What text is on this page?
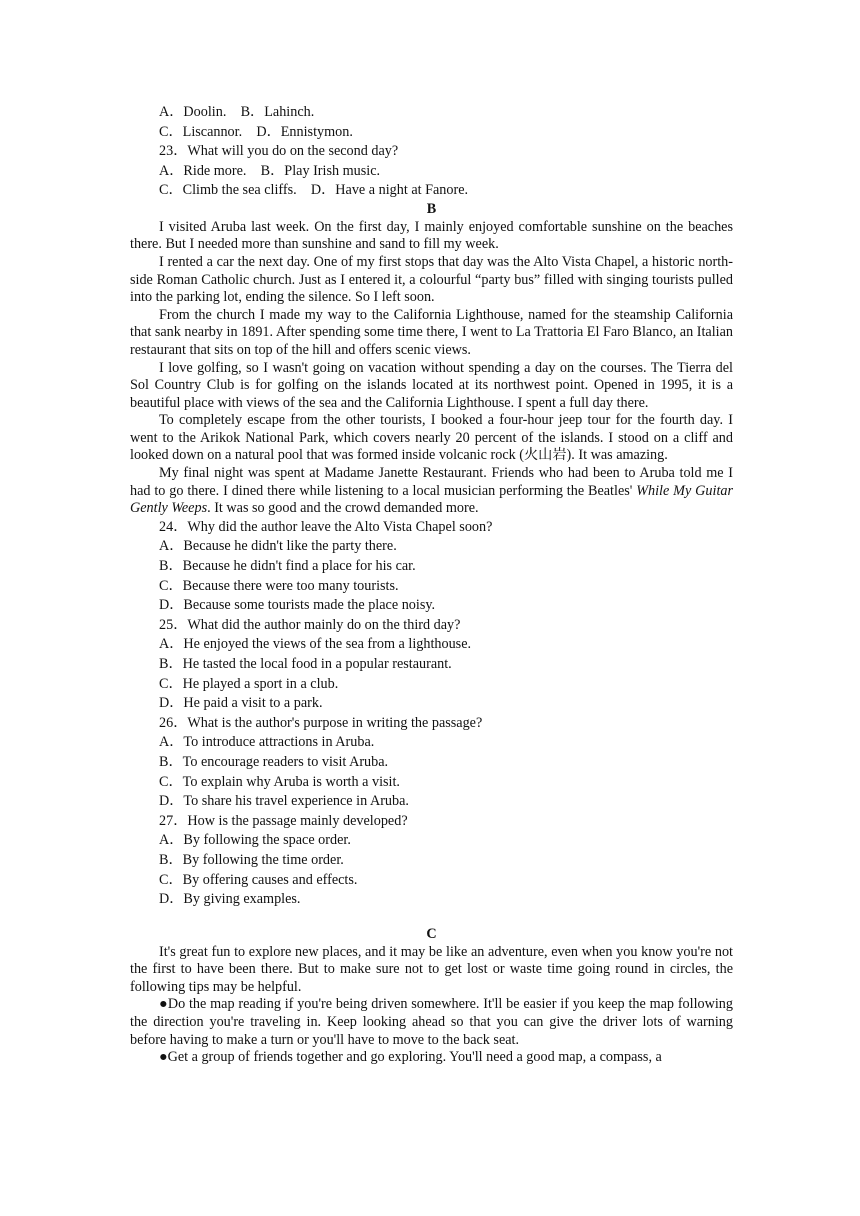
A．Doolin.　B．Lahinch.
C．Liscannor.　D．Ennistymon.
23．What will you do on the second day?
A．Ride more.　B．Play Irish music.
C．Climb the sea cliffs.　D．Have a night at Fanore.
B

I visited Aruba last week. On the first day, I mainly enjoyed comfortable sunshine on the beaches there. But I needed more than sunshine and sand to fill my week.

I rented a car the next day. One of my first stops that day was the Alto Vista Chapel, a historic north-side Roman Catholic church. Just as I entered it, a colourful “party bus” filled with singing tourists pulled into the parking lot, ending the silence. So I left soon.

From the church I made my way to the California Lighthouse, named for the steamship California that sank nearby in 1891. After spending some time there, I went to La Trattoria El Faro Blanco, an Italian restaurant that sits on top of the hill and offers scenic views.

I love golfing, so I wasn't going on vacation without spending a day on the courses. The Tierra del Sol Country Club is for golfing on the islands located at its northwest point. Opened in 1995, it is a beautiful place with views of the sea and the California Lighthouse. I spent a full day there.

To completely escape from the other tourists, I booked a four-hour jeep tour for the fourth day. I went to the Arikok National Park, which covers nearly 20 percent of the islands. I stood on a cliff and looked down on a natural pool that was formed inside volcanic rock (火山岩). It was amazing.

My final night was spent at Madame Janette Restaurant. Friends who had been to Aruba told me I had to go there. I dined there while listening to a local musician performing the Beatles' While My Guitar Gently Weeps. It was so good and the crowd demanded more.

24．Why did the author leave the Alto Vista Chapel soon?
A．Because he didn't like the party there.
B．Because he didn't find a place for his car.
C．Because there were too many tourists.
D．Because some tourists made the place noisy.
25．What did the author mainly do on the third day?
A．He enjoyed the views of the sea from a lighthouse.
B．He tasted the local food in a popular restaurant.
C．He played a sport in a club.
D．He paid a visit to a park.
26．What is the author's purpose in writing the passage?
A．To introduce attractions in Aruba.
B．To encourage readers to visit Aruba.
C．To explain why Aruba is worth a visit.
D．To share his travel experience in Aruba.
27．How is the passage mainly developed?
A．By following the space order.
B．By following the time order.
C．By offering causes and effects.
D．By giving examples.
C

It's great fun to explore new places, and it may be like an adventure, even when you know you're not the first to have been there. But to make sure not to get lost or waste time going round in circles, the following tips may be helpful.

●Do the map reading if you're being driven somewhere. It'll be easier if you keep the map following the direction you're traveling in. Keep looking ahead so that you can give the driver lots of warning before having to make a turn or you'll have to move to the back seat.

●Get a group of friends together and go exploring. You'll need a good map, a compass, a
